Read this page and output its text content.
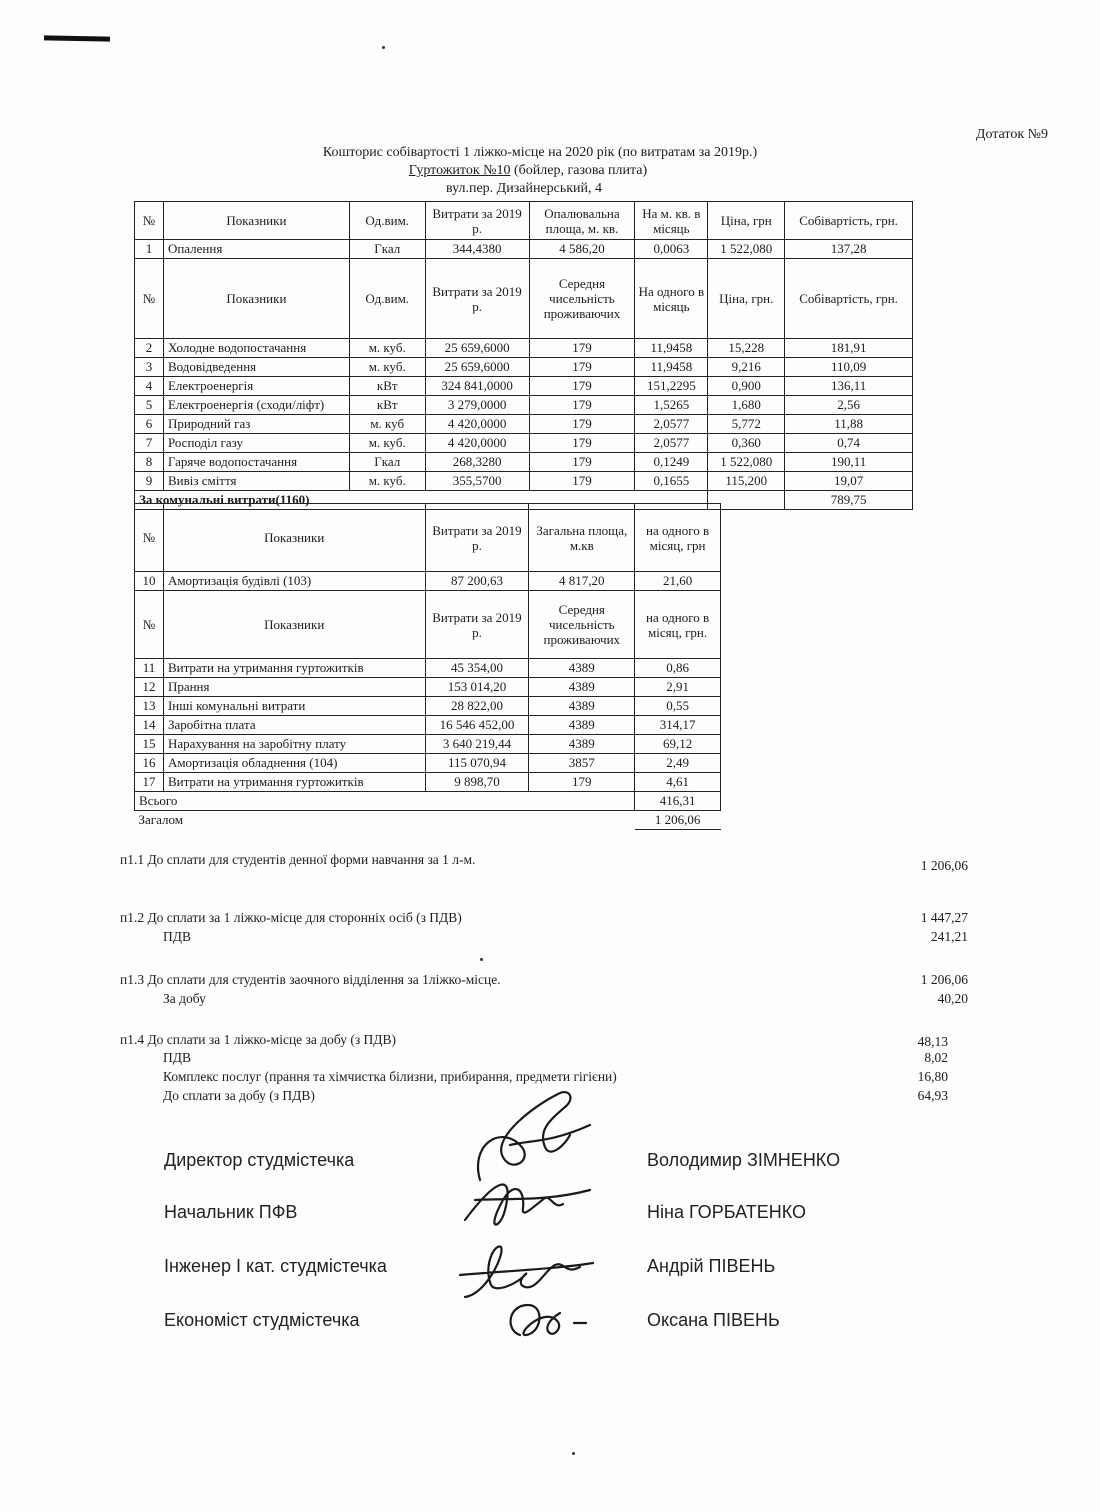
Дотаток №9
Кошторис собівартості 1 ліжко-місце на 2020 рік (по витратам за 2019р.)
Гуртожиток №10 (бойлер, газова плита)
вул.пер. Дизайнерський, 4
№	Показники	Од.вим.	Витрати за 2019 р.	Опалювальна площа, м. кв.	На м. кв. в місяць	Ціна, грн	Собівартість, грн.
1	Опалення	Гкал	344,4380	4 586,20	0,0063	1 522,080	137,28
№	Показники	Од.вим.	Витрати за 2019 р.	Середня чисельність проживаючих	На одного в місяць	Ціна, грн.	Собівартість, грн.
2	Холодне водопостачання	м. куб.	25 659,6000	179	11,9458	15,228	181,91
3	Водовідведення	м. куб.	25 659,6000	179	11,9458	9,216	110,09
4	Електроенергія	кВт	324 841,0000	179	151,2295	0,900	136,11
5	Електроенергія (сходи/ліфт)	кВт	3 279,0000	179	1,5265	1,680	2,56
6	Природний газ	м. куб	4 420,0000	179	2,0577	5,772	11,88
7	Росподіл газу	м. куб.	4 420,0000	179	2,0577	0,360	0,74
8	Гаряче водопостачання	Гкал	268,3280	179	0,1249	1 522,080	190,11
9	Вивіз сміття	м. куб.	355,5700	179	0,1655	115,200	19,07
За комунальні витрати(1160)							789,75
№	Показники	Витрати за 2019 р.	Загальна площа, м.кв	на одного в місяц, грн
10	Амортизація будівлі (103)	87 200,63	4 817,20	21,60
№	Показники	Витрати за 2019 р.	Середня чисельність проживаючих	на одного в місяц, грн.
11	Витрати на утримання гуртожитків	45 354,00	4389	0,86
12	Прання	153 014,20	4389	2,91
13	Інші комунальні витрати	28 822,00	4389	0,55
14	Заробітна плата	16 546 452,00	4389	314,17
15	Нарахування на заробітну плату	3 640 219,44	4389	69,12
16	Амортизація обладнення (104)	115 070,94	3857	2,49
17	Витрати на утримання гуртожитків	9 898,70	179	4,61
Всього				416,31
Загалом				1 206,06
п1.1 До сплати для студентів денної форми навчання за 1 л-м.	1 206,06
п1.2 До сплати за 1 ліжко-місце для сторонніх осіб (з ПДВ)	1 447,27
ПДВ	241,21
п1.3 До сплати для студентів заочного відділення за 1ліжко-місце.	1 206,06
За добу	40,20
п1.4 До сплати за 1 ліжко-місце за добу (з ПДВ)	48,13
ПДВ	8,02
Комплекс послуг (прання та хімчистка білизни, прибирання, предмети гігієни)	16,80
До сплати за добу (з ПДВ)	64,93
Директор студмістечка	Володимир ЗІМНЕНКО
Начальник ПФВ	Ніна ГОРБАТЕНКО
Інженер І кат. студмістечка	Андрій ПІВЕНЬ
Економіст студмістечка	Оксана ПІВЕНЬ
